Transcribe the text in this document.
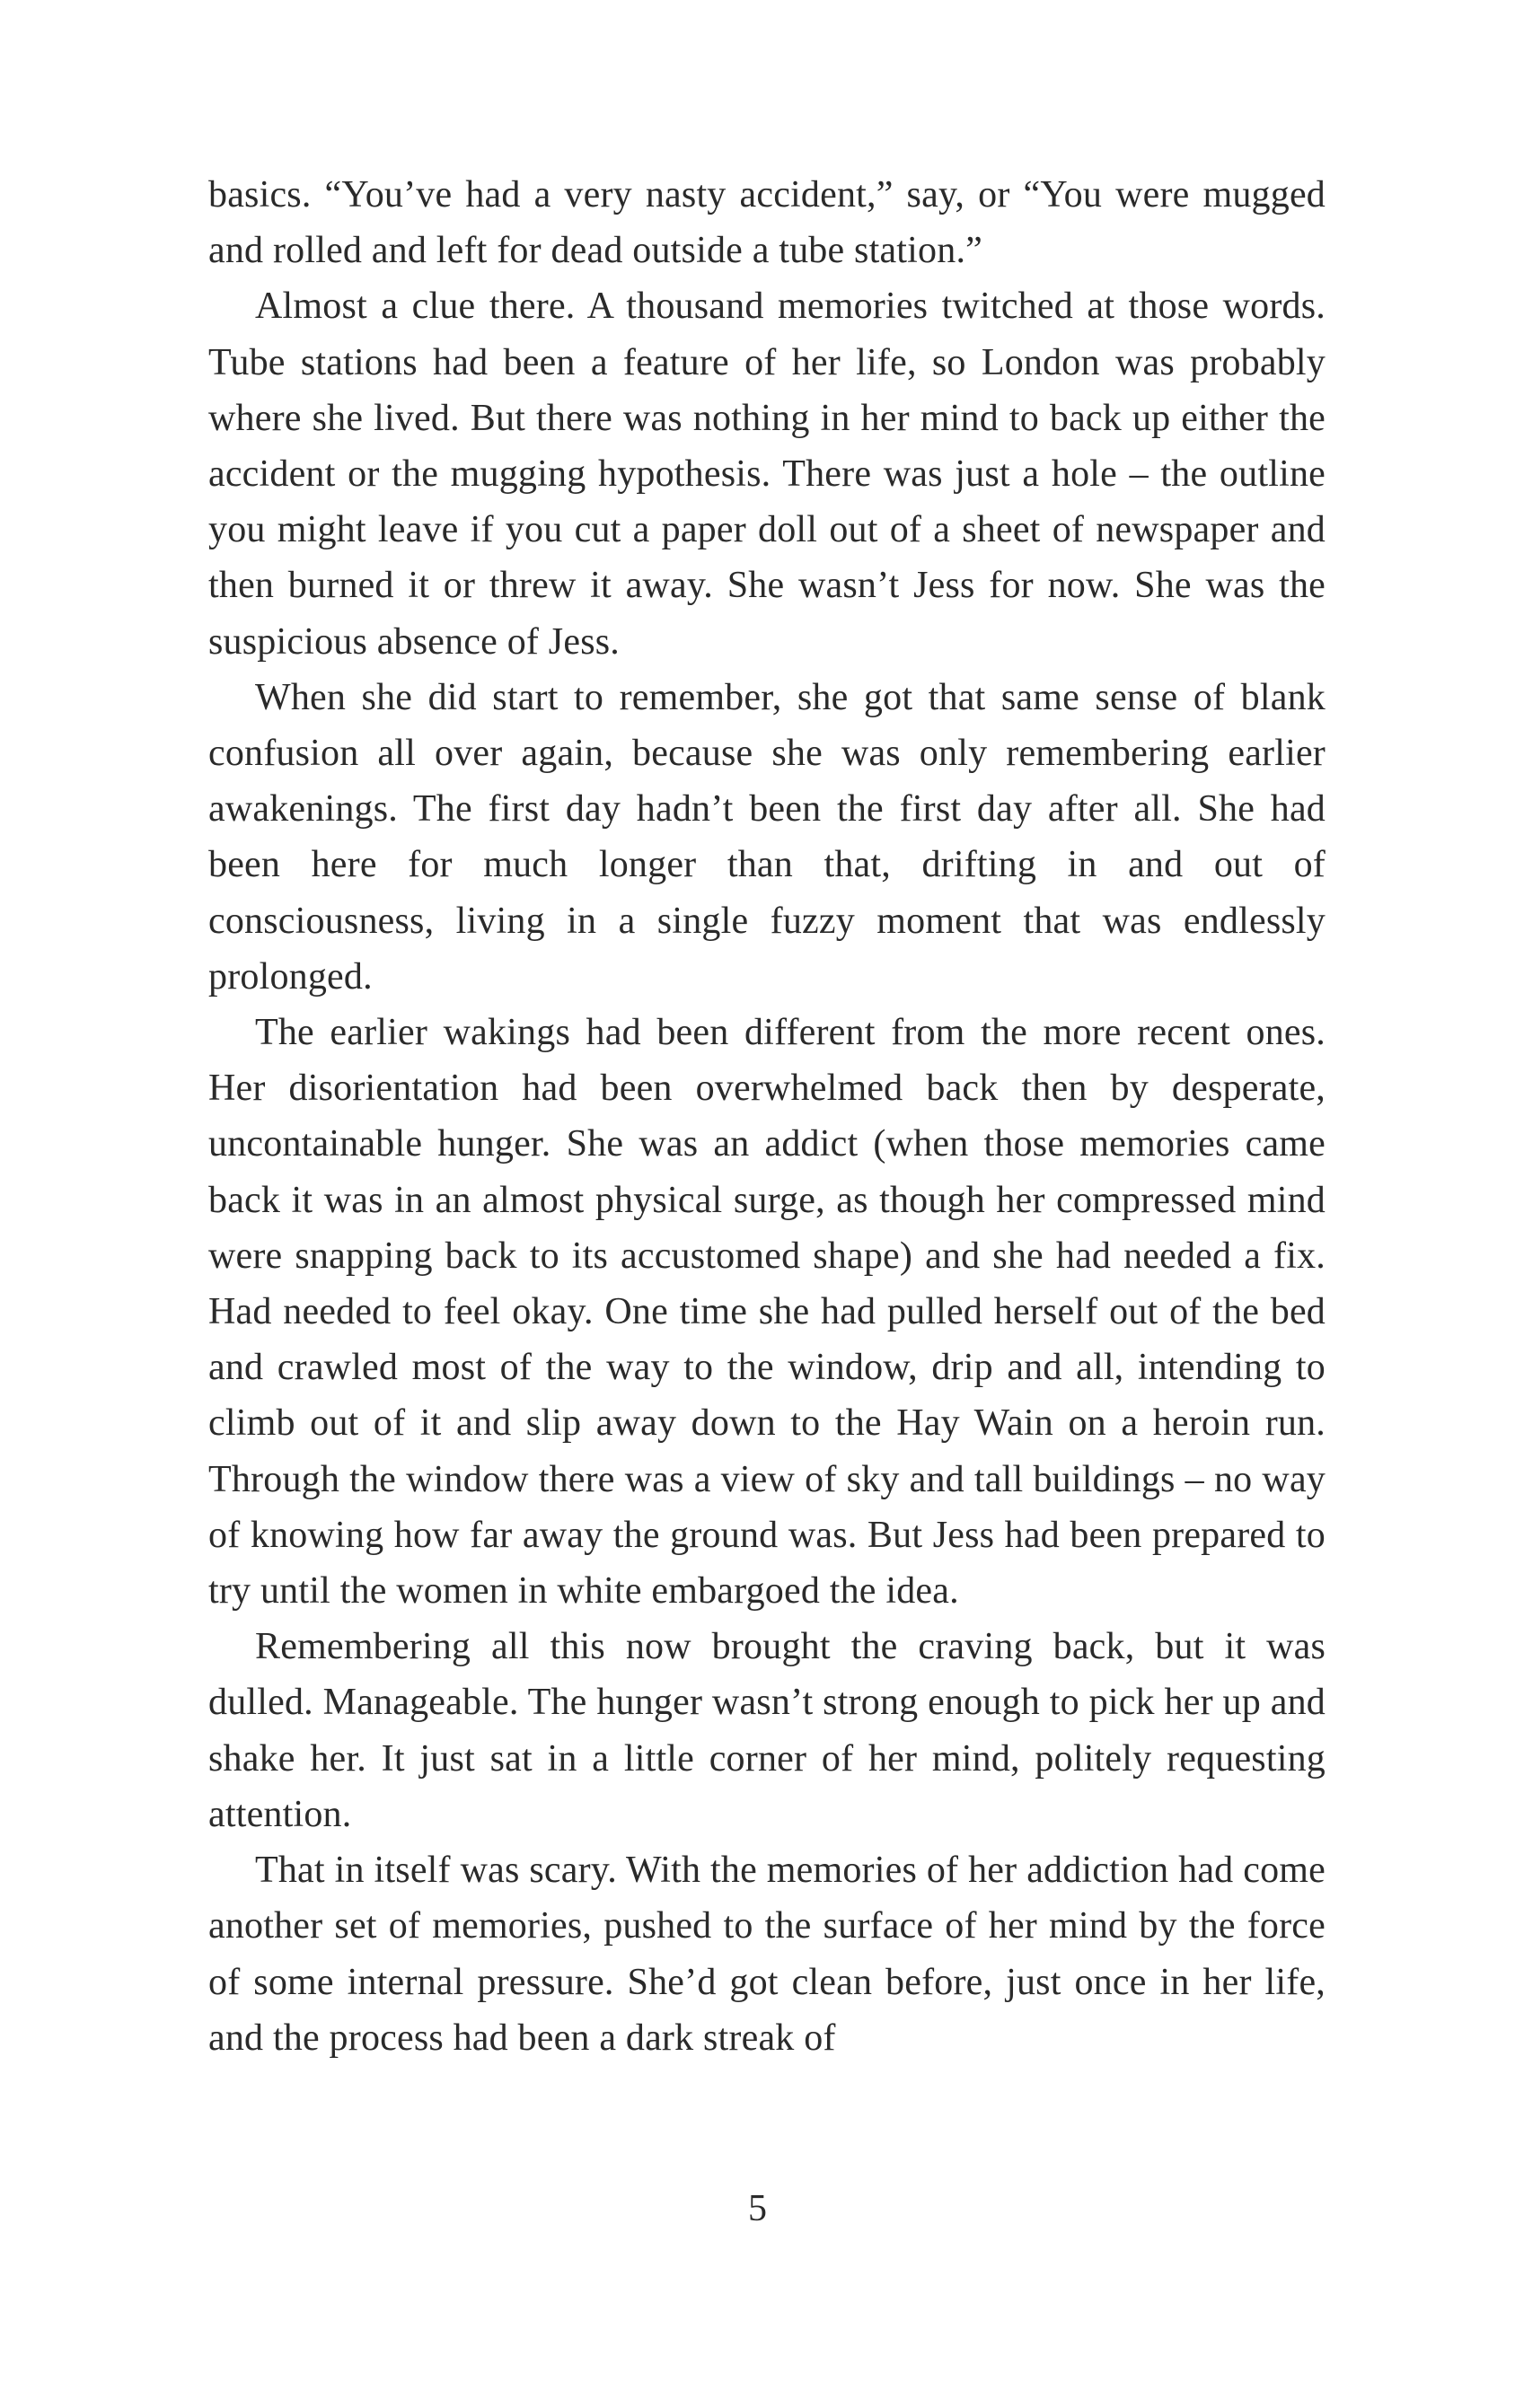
basics. “You’ve had a very nasty accident,” say, or “You were mugged and rolled and left for dead outside a tube station.”

Almost a clue there. A thousand memories twitched at those words. Tube stations had been a feature of her life, so London was probably where she lived. But there was nothing in her mind to back up either the accident or the mugging hypothesis. There was just a hole – the outline you might leave if you cut a paper doll out of a sheet of newspaper and then burned it or threw it away. She wasn’t Jess for now. She was the suspicious absence of Jess.

When she did start to remember, she got that same sense of blank confusion all over again, because she was only remembering earlier awakenings. The first day hadn’t been the first day after all. She had been here for much longer than that, drifting in and out of consciousness, living in a single fuzzy moment that was endlessly prolonged.

The earlier wakings had been different from the more recent ones. Her disorientation had been overwhelmed back then by desperate, uncontainable hunger. She was an addict (when those memories came back it was in an almost physical surge, as though her compressed mind were snapping back to its accustomed shape) and she had needed a fix. Had needed to feel okay. One time she had pulled herself out of the bed and crawled most of the way to the window, drip and all, intending to climb out of it and slip away down to the Hay Wain on a heroin run. Through the window there was a view of sky and tall buildings – no way of knowing how far away the ground was. But Jess had been prepared to try until the women in white embargoed the idea.

Remembering all this now brought the craving back, but it was dulled. Manageable. The hunger wasn’t strong enough to pick her up and shake her. It just sat in a little corner of her mind, politely requesting attention.

That in itself was scary. With the memories of her addiction had come another set of memories, pushed to the surface of her mind by the force of some internal pressure. She’d got clean before, just once in her life, and the process had been a dark streak of

5
